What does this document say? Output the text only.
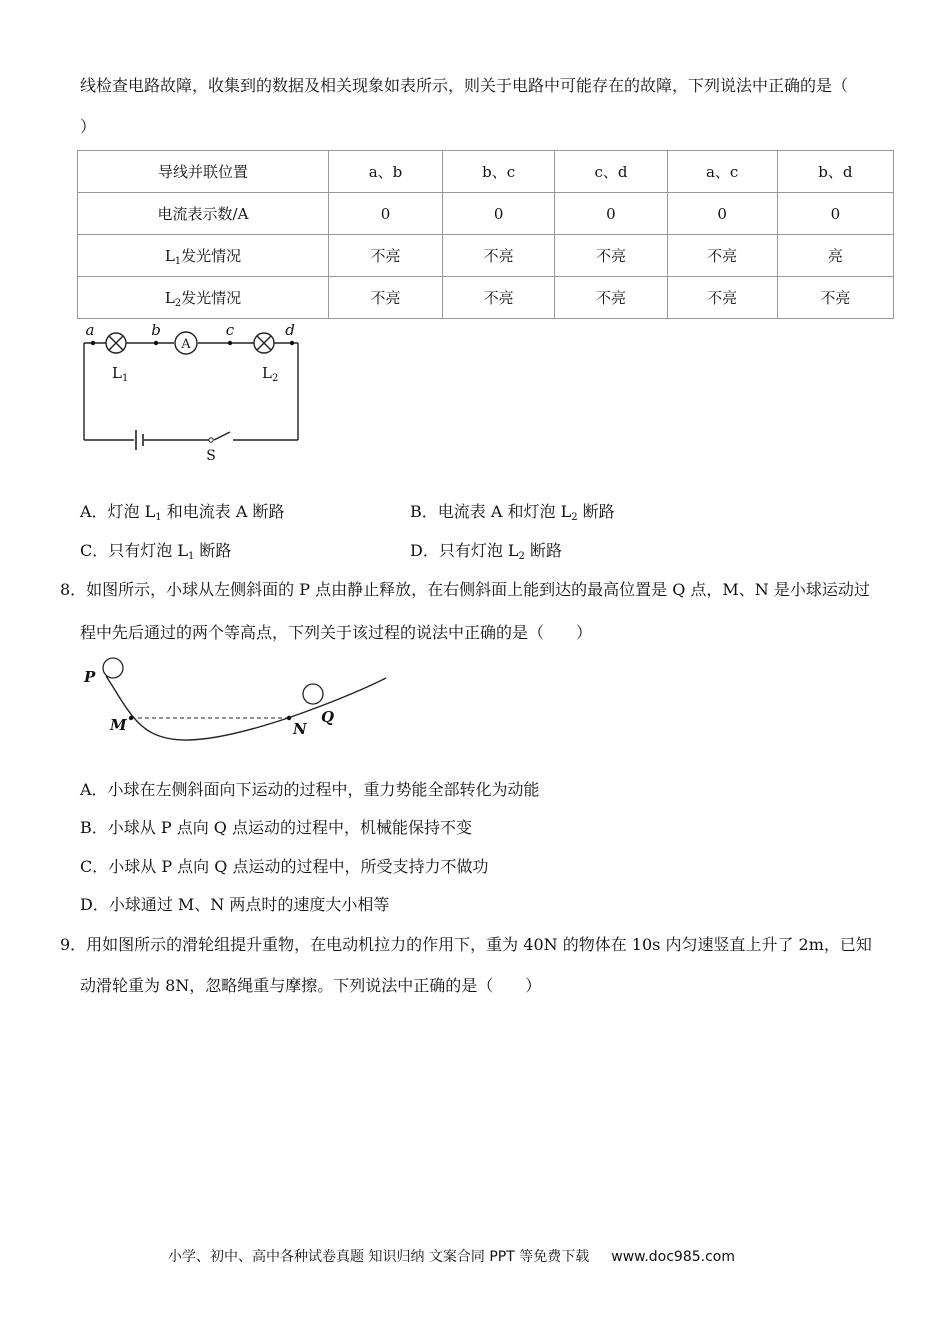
线检查电路故障，收集到的数据及相关现象如表所示，则关于电路中可能存在的故障，下列说法中正确的是（
）
导线并联位置	a、b	b、c	c、d	a、c	b、d
电流表示数/A	0	0	0	0	0
$L_1$发光情况	不亮	不亮	不亮	不亮	亮
$L_2$发光情况	不亮	不亮	不亮	不亮	不亮
A
a	b	c	d
$L_1$	$L_2$
S
A．灯泡 $L_1$ 和电流表 A 断路	B．电流表 A 和灯泡 $L_2$ 断路
C．只有灯泡 $L_1$ 断路	D．只有灯泡 $L_2$ 断路
8．如图所示，小球从左侧斜面的 P 点由静止释放，在右侧斜面上能到达的最高位置是 Q 点，M、N 是小球运动过
程中先后通过的两个等高点，下列关于该过程的说法中正确的是（　　）
P
M	N
Q
A．小球在左侧斜面向下运动的过程中，重力势能全部转化为动能
B．小球从 P 点向 Q 点运动的过程中，机械能保持不变
C．小球从 P 点向 Q 点运动的过程中，所受支持力不做功
D．小球通过 M、N 两点时的速度大小相等
9．用如图所示的滑轮组提升重物，在电动机拉力的作用下，重为 40N 的物体在 10s 内匀速竖直上升了 2m，已知
动滑轮重为 8N，忽略绳重与摩擦。下列说法中正确的是（　　）
小学、初中、高中各种试卷真题 知识归纳 文案合同 PPT 等免费下载 www.doc985.com
